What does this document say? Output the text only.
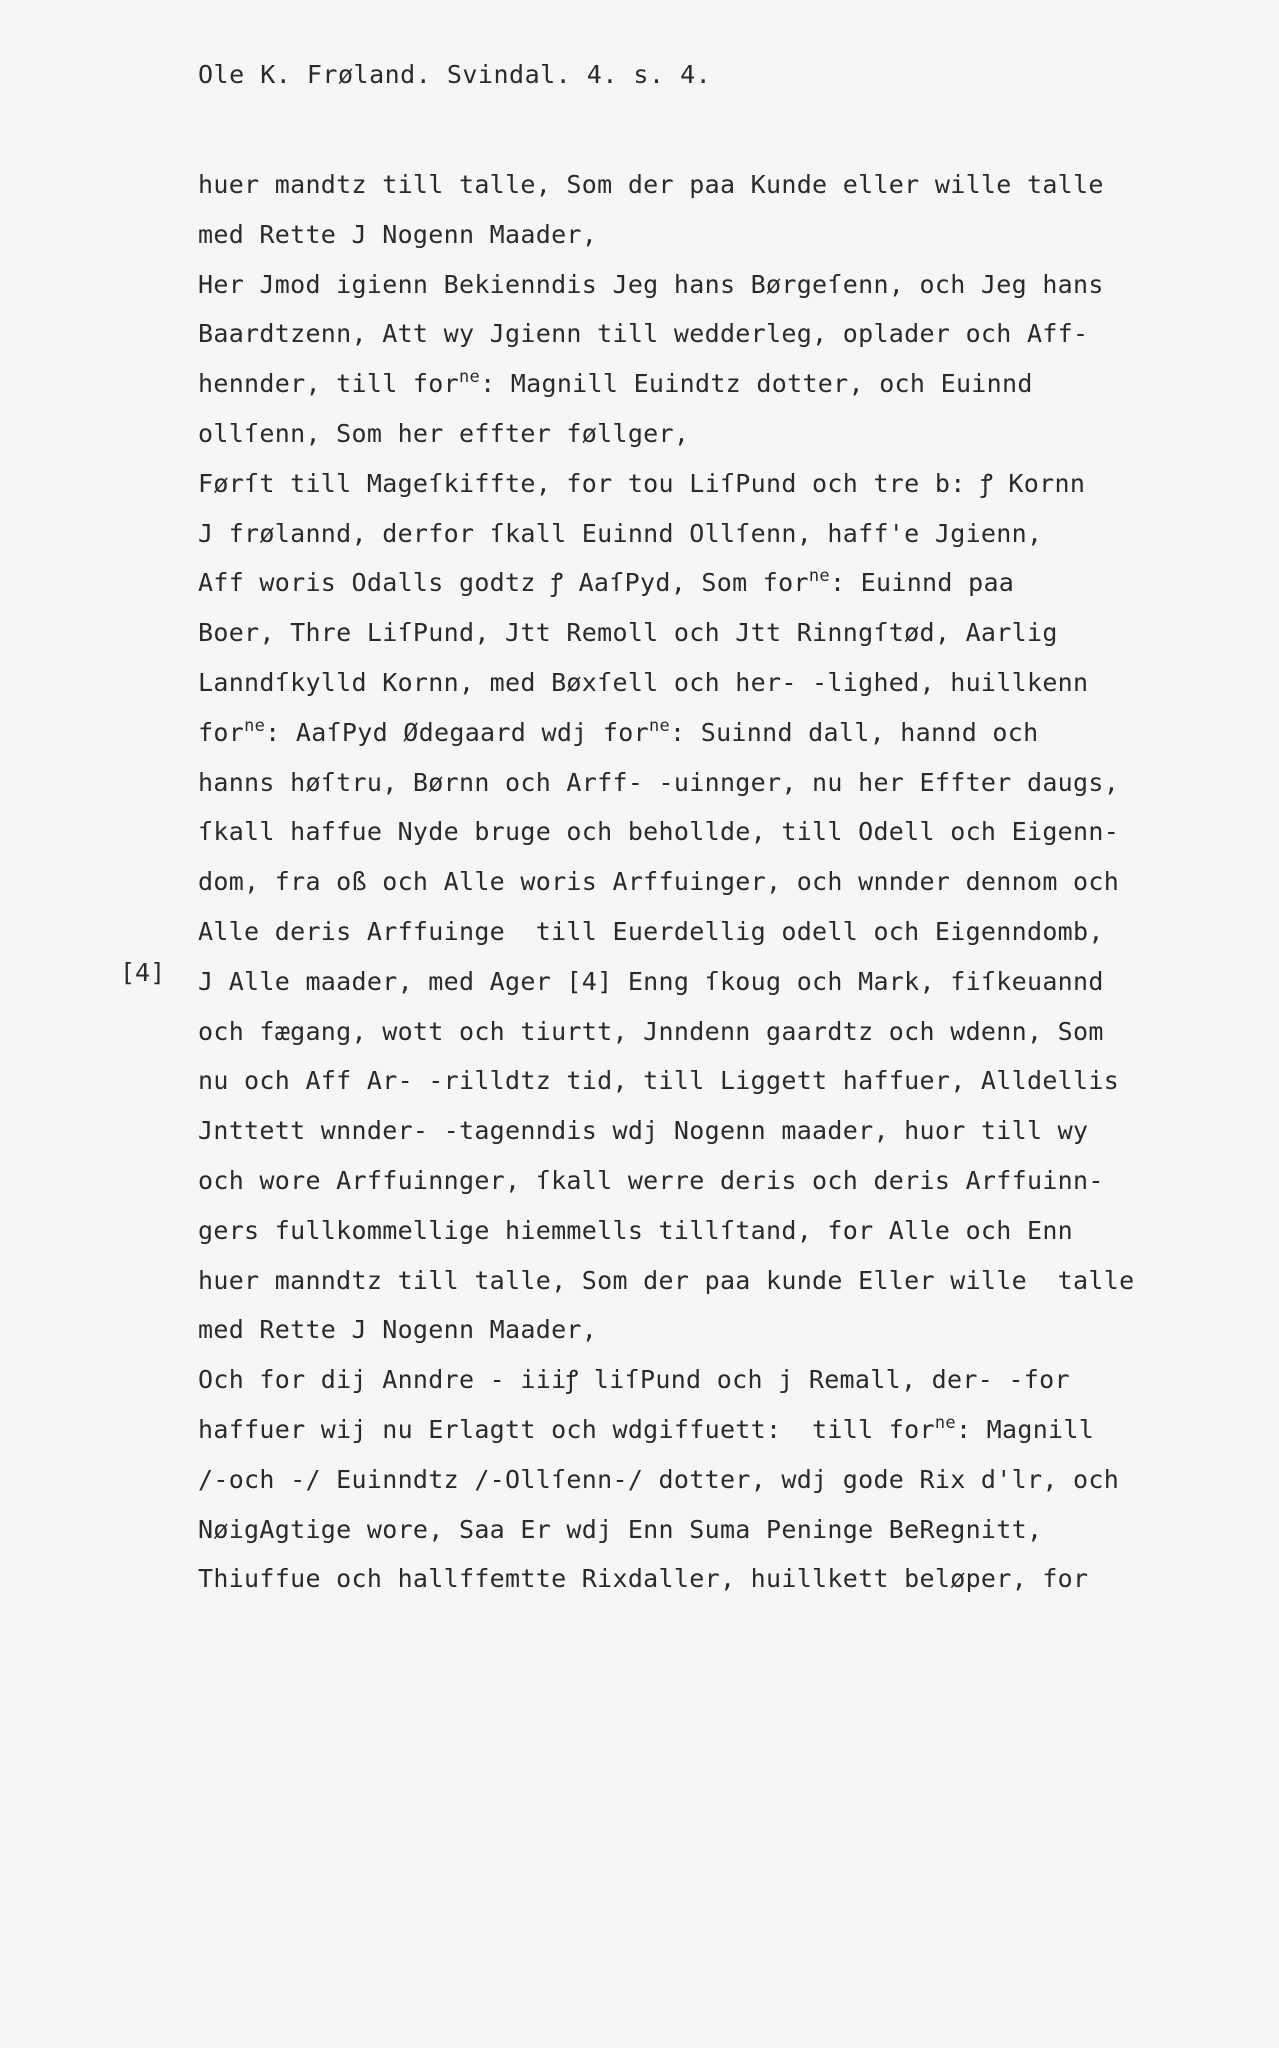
Ole K. Frøland. Svindal. 4. s. 4.
[4]
huer mandtz till talle, Som der paa Kunde eller wille talle
med Rette J Nogenn Maader,
Her Jmod igienn Bekienndis Jeg hans Børgeſenn, och Jeg hans
Baardtzenn, Att wy Jgienn till wedderleg, oplader och Aff-
hennder, till for$^{ne}$: Magnill Euindtz dotter, och Euinnd
ollſenn, Som her effter føllger,
Førſt till Mageſkiffte, for tou LiſPund och tre b: ꝭ Kornn
J frølannd, derfor ſkall Euinnd Ollſenn, haff'e Jgienn,
Aff woris Odalls godtz ꝭ AaſPyd, Som for$^{ne}$: Euinnd paa
Boer, Thre LiſPund, Jtt Remoll och Jtt Rinngſtød, Aarlig
Lanndſkylld Kornn, med Bøxſell och her- -lighed, huillkenn
for$^{ne}$: AaſPyd Ødegaard wdj for$^{ne}$: Suinnd dall, hannd och
hanns høſtru, Børnn och Arff- -uinnger, nu her Effter daugs,
ſkall haffue Nyde bruge och behollde, till Odell och Eigenn-
dom, fra oß och Alle woris Arffuinger, och wnnder dennom och
Alle deris Arffuinge  till Euerdellig odell och Eigenndomb,
J Alle maader, med Ager [4] Enng ſkoug och Mark, fiſkeuannd
och fægang, wott och tiurtt, Jnndenn gaardtz och wdenn, Som
nu och Aff Ar- -rilldtz tid, till Liggett haffuer, Alldellis
Jnttett wnnder- -tagenndis wdj Nogenn maader, huor till wy
och wore Arffuinnger, ſkall werre deris och deris Arffuinn-
gers fullkommellige hiemmells tillſtand, for Alle och Enn
huer manndtz till talle, Som der paa kunde Eller wille  talle
med Rette J Nogenn Maader,
Och for dij Anndre - iiiꝭ liſPund och j Remall, der- -for
haffuer wij nu Erlagtt och wdgiffuett:  till for$^{ne}$: Magnill
/-och -/ Euinndtz /-Ollſenn-/ dotter, wdj gode Rix d'lr, och
NøigAgtige wore, Saa Er wdj Enn Suma Peninge BeRegnitt,
Thiuffue och hallffemtte Rixdaller, huillkett beløper, for
